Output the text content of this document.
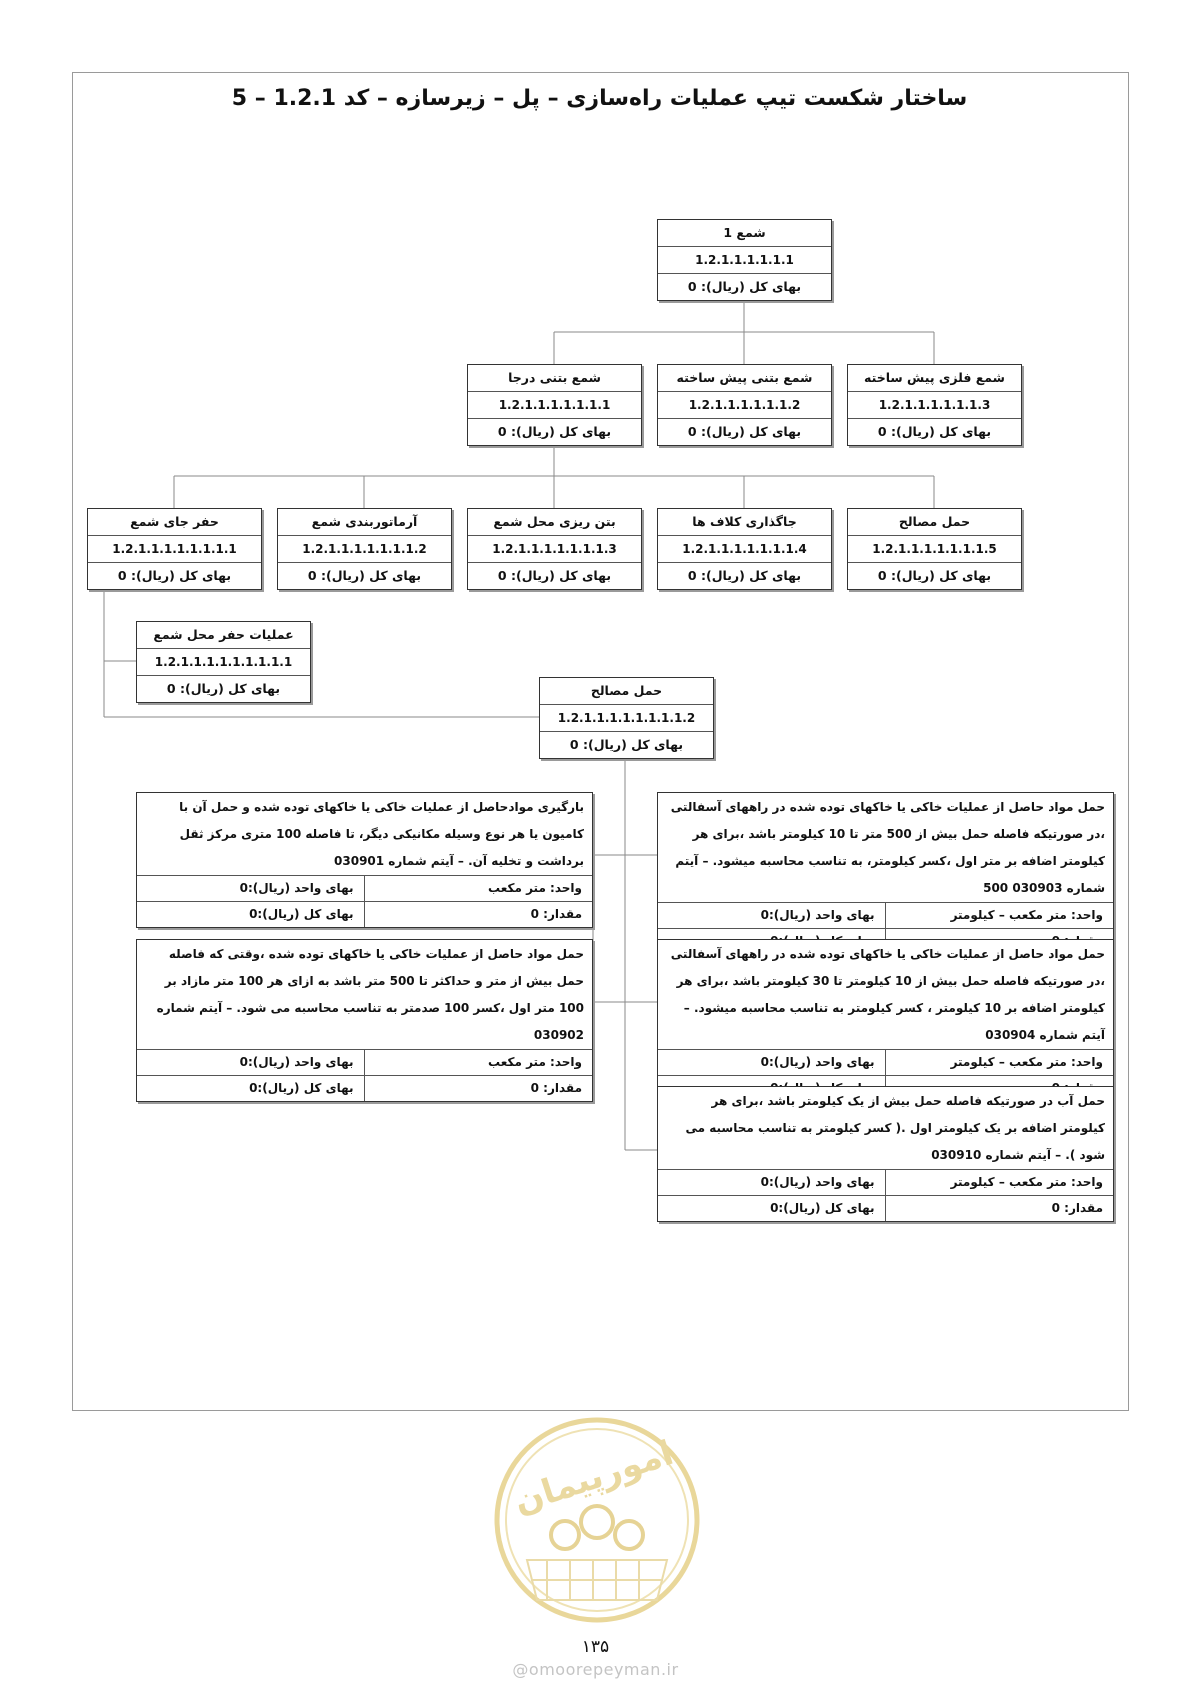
ساختار شکست تیپ عملیات راه‌سازی – پل – زیرسازه – کد 1.2.1 – 5
شمع 1
1.2.1.1.1.1.1.1
بهای کل (ریال): 0
شمع بتنی درجا
1.2.1.1.1.1.1.1.1
بهای کل (ریال): 0
شمع بتنی پیش ساخته
1.2.1.1.1.1.1.1.2
بهای کل (ریال): 0
شمع فلزی پیش ساخته
1.2.1.1.1.1.1.1.3
بهای کل (ریال): 0
حفر جای شمع
1.2.1.1.1.1.1.1.1.1
بهای کل (ریال): 0
آرماتوربندی شمع
1.2.1.1.1.1.1.1.1.2
بهای کل (ریال): 0
بتن ریزی محل شمع
1.2.1.1.1.1.1.1.1.3
بهای کل (ریال): 0
جاگذاری کلاف ها
1.2.1.1.1.1.1.1.1.4
بهای کل (ریال): 0
حمل مصالح
1.2.1.1.1.1.1.1.1.5
بهای کل (ریال): 0
عملیات حفر محل شمع
1.2.1.1.1.1.1.1.1.1.1
بهای کل (ریال): 0	حمل مصالح
1.2.1.1.1.1.1.1.1.1.2
بهای کل (ریال): 0
بارگیری موادحاصل از عملیات خاکی یا خاکهای توده شده و حمل آن با کامیون یا هر نوع وسیله مکانیکی دیگر، تا فاصله 100 متری مرکز ثقل برداشت و تخلیه آن. – آیتم شماره 030901
واحد: متر مکعب
بهای واحد (ریال):0
مقدار: 0
بهای کل (ریال):0
حمل مواد حاصل از عملیات خاکی یا خاکهای توده شده ،وقتی که فاصله حمل بیش از متر و حداکثر تا 500 متر باشد به ازای هر 100 متر مازاد بر 100 متر اول ،کسر 100 صدمتر به تناسب محاسبه می شود. – آیتم شماره 030902
واحد: متر مکعب
بهای واحد (ریال):0
مقدار: 0
بهای کل (ریال):0
حمل مواد حاصل از عملیات خاکی یا خاکهای توده شده در راههای آسفالتی ،در صورتیکه فاصله حمل بیش از 500 متر تا 10 کیلومتر باشد ،برای هر کیلومتر اضافه بر متر اول ،کسر کیلومتر، به تناسب محاسبه میشود. – آیتم شماره 030903 500
واحد: متر مکعب – کیلومتر
بهای واحد (ریال):0
حمل مواد حاصل از عملیات خاکی یا خاکهای توده شده در راههای آسفالتی ،در صورتیکه فاصله حمل بیش از 10 کیلومتر تا 30 کیلومتر باشد ،برای هر کیلومتر اضافه بر 10 کیلومتر ، کسر کیلومتر به تناسب محاسبه میشود. – آیتم شماره 030904
واحد: متر مکعب – کیلومتر
بهای واحد (ریال):0
حمل آب در صورتیکه فاصله حمل بیش از یک کیلومتر باشد ،برای هر کیلومتر اضافه بر یک کیلومتر اول .( کسر کیلومتر به تناسب محاسبه می شود ). – آیتم شماره 030910
واحد: متر مکعب – کیلومتر
بهای واحد (ریال):0
مقدار: 0
بهای کل (ریال):0
امورپیمان
۱۳۵
@omoorepeyman.ir
